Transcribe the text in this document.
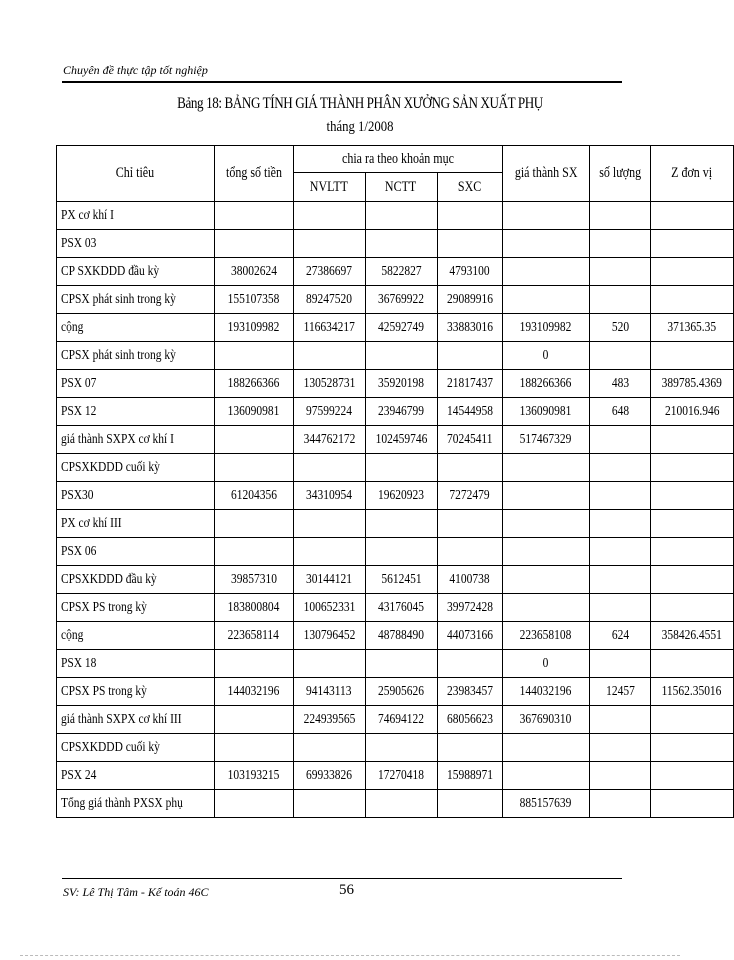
Chuyên đề thực tập tốt nghiệp
Bảng 18: BẢNG TÍNH GIÁ THÀNH PHÂN XƯỞNG SẢN XUẤT PHỤ
tháng 1/2008
Chỉ tiêu	tổng số tiền	chia ra theo khoản mục			giá thành SX	số lượng	Z đơn vị
		NVLTT	NCTT	SXC			
PX cơ khí I							
PSX 03							
CP SXKDDD đầu kỳ	38002624	27386697	5822827	4793100			
CPSX phát sinh trong kỳ	155107358	89247520	36769922	29089916			
cộng	193109982	116634217	42592749	33883016	193109982	520	371365.35
CPSX phát sinh trong kỳ					0		
PSX 07	188266366	130528731	35920198	21817437	188266366	483	389785.4369
PSX 12	136090981	97599224	23946799	14544958	136090981	648	210016.946
giá thành SXPX cơ khí I		344762172	102459746	70245411	517467329		
CPSXKDDD cuối kỳ							
PSX30	61204356	34310954	19620923	7272479			
PX cơ khí III							
PSX 06							
CPSXKDDD đầu kỳ	39857310	30144121	5612451	4100738			
CPSX PS trong kỳ	183800804	100652331	43176045	39972428			
cộng	223658114	130796452	48788490	44073166	223658108	624	358426.4551
PSX 18					0		
CPSX PS trong kỳ	144032196	94143113	25905626	23983457	144032196	12457	11562.35016
giá thành SXPX cơ khí III		224939565	74694122	68056623	367690310		
CPSXKDDD cuối kỳ							
PSX 24	103193215	69933826	17270418	15988971			
Tổng giá thành PXSX phụ					885157639		
SV: Lê Thị Tâm - Kế toán 46C	56
